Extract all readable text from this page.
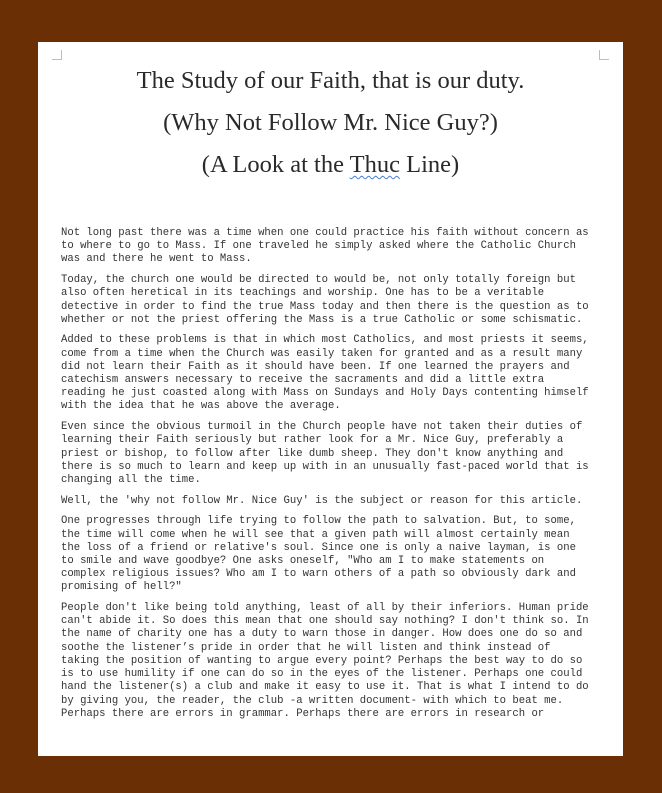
The Study of our Faith, that is our duty.
(Why Not Follow Mr. Nice Guy?)
(A Look at the Thuc Line)

Not long past there was a time when one could practice his faith without concern as
to where to go to Mass. If one traveled he simply asked where the Catholic Church
was and there he went to Mass.

Today, the church one would be directed to would be, not only totally foreign but
also often heretical in its teachings and worship. One has to be a veritable
detective in order to find the true Mass today and then there is the question as to
whether or not the priest offering the Mass is a true Catholic or some schismatic.

Added to these problems is that in which most Catholics, and most priests it seems,
come from a time when the Church was easily taken for granted and as a result many
did not learn their Faith as it should have been. If one learned the prayers and
catechism answers necessary to receive the sacraments and did a little extra
reading he just coasted along with Mass on Sundays and Holy Days contenting himself
with the idea that he was above the average.

Even since the obvious turmoil in the Church people have not taken their duties of
learning their Faith seriously but rather look for a Mr. Nice Guy, preferably a
priest or bishop, to follow after like dumb sheep. They don't know anything and
there is so much to learn and keep up with in an unusually fast-paced world that is
changing all the time.

Well, the 'why not follow Mr. Nice Guy' is the subject or reason for this article.

One progresses through life trying to follow the path to salvation. But, to some,
the time will come when he will see that a given path will almost certainly mean
the loss of a friend or relative's soul. Since one is only a naive layman, is one
to smile and wave goodbye? One asks oneself, "Who am I to make statements on
complex religious issues? Who am I to warn others of a path so obviously dark and
promising of hell?"

People don't like being told anything, least of all by their inferiors. Human pride
can't abide it. So does this mean that one should say nothing? I don't think so. In
the name of charity one has a duty to warn those in danger. How does one do so and
soothe the listener’s pride in order that he will listen and think instead of
taking the position of wanting to argue every point? Perhaps the best way to do so
is to use humility if one can do so in the eyes of the listener. Perhaps one could
hand the listener(s) a club and make it easy to use it. That is what I intend to do
by giving you, the reader, the club -a written document- with which to beat me.
Perhaps there are errors in grammar. Perhaps there are errors in research or
